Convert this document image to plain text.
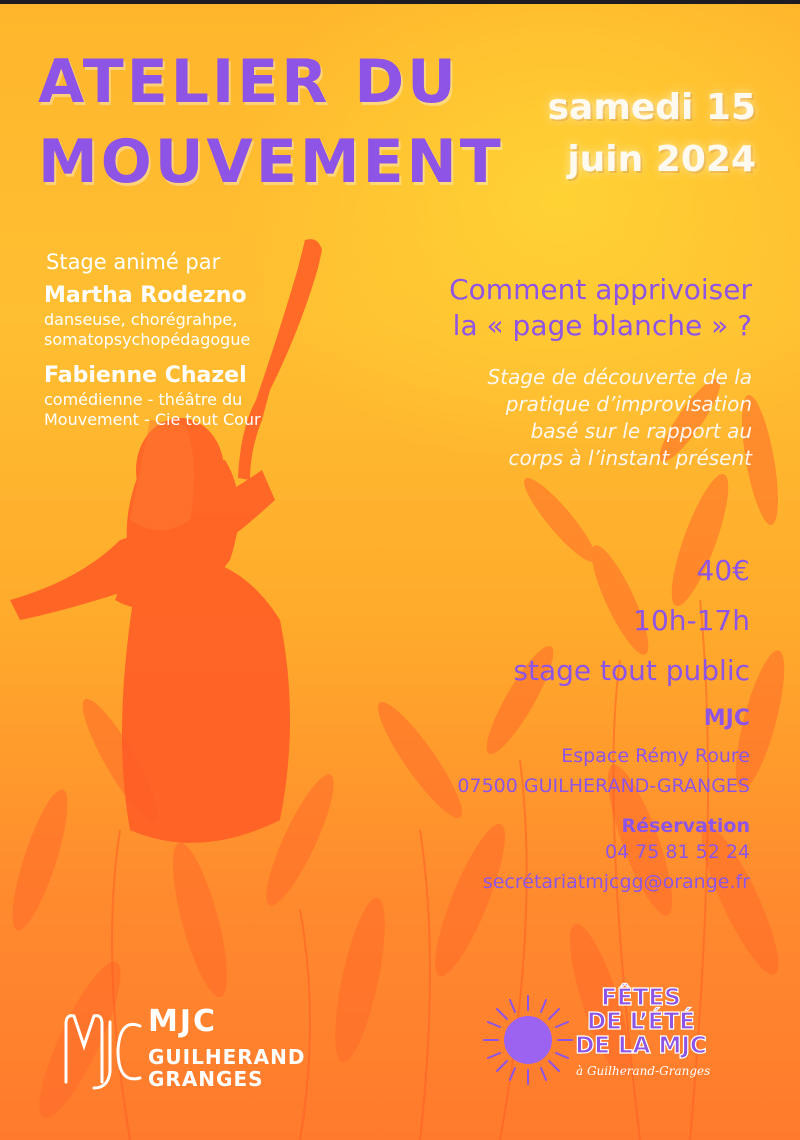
ATELIER DU
MOUVEMENT
samedi 15
juin 2024
Stage animé par
Martha Rodezno
danseuse, chorégrahpe,
somatopsychopédagogue
Fabienne Chazel
comédienne - théâtre du
Mouvement - Cie tout Cour

Comment apprivoiser
la « page blanche » ?

Stage de découverte de la
pratique d’improvisation
basé sur le rapport au
corps à l’instant présent
40€
10h-17h
stage tout public
MJC
Espace Rémy Roure
07500 GUILHERAND-GRANGES
Réservation
04 75 81 52 24
secrétariatmjcgg@orange.fr
MJC
GUILHERAND
GRANGES
FÊTES
DE L’ÉTÉ
DE LA MJC
à Guilherand-Granges
